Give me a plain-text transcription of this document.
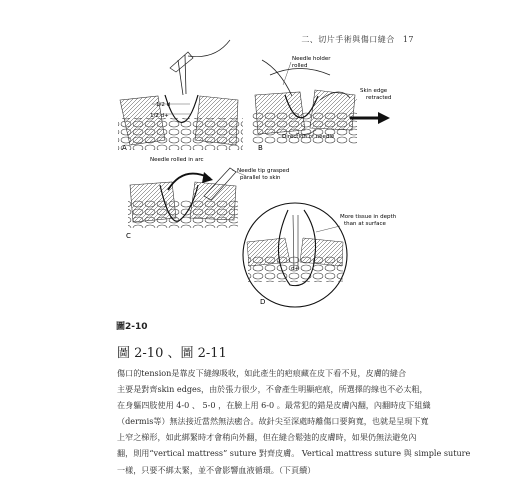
二、切片手術與傷口縫合 17
1/2 d
1/2 d+
A
Needle holder
rolled
Skin edge
retracted
Direction of needle
B
Needle rolled in arc
Needle tip grasped
parallel to skin
C
d+
More tissue in depth
than at surface
D
圖2-10
圖 2-10 、圖 2-11
傷口的tension是靠皮下縫線吸收，如此產生的疤痕藏在皮下看不見，皮膚的縫合
主要是對齊skin edges，由於張力很少，不會產生明顯疤痕，所選擇的線也不必太粗，
在身軀四肢使用 4-0 、 5-0 ，在臉上用 6-0 。最常犯的錯是皮膚內翻，內翻時皮下組織
（dermis等）無法接近當然無法癒合。故針尖至深處時離傷口要夠寬，也就是呈現下寬
上窄之梯形，如此綁緊時才會稍向外翻，但在縫合鬆弛的皮膚時，如果仍無法避免內
翻，則用“vertical mattress” suture 對齊皮膚。 Vertical mattress suture 與 simple suture
一樣，只要不綁太緊，並不會影響血液循環。（下頁續）
